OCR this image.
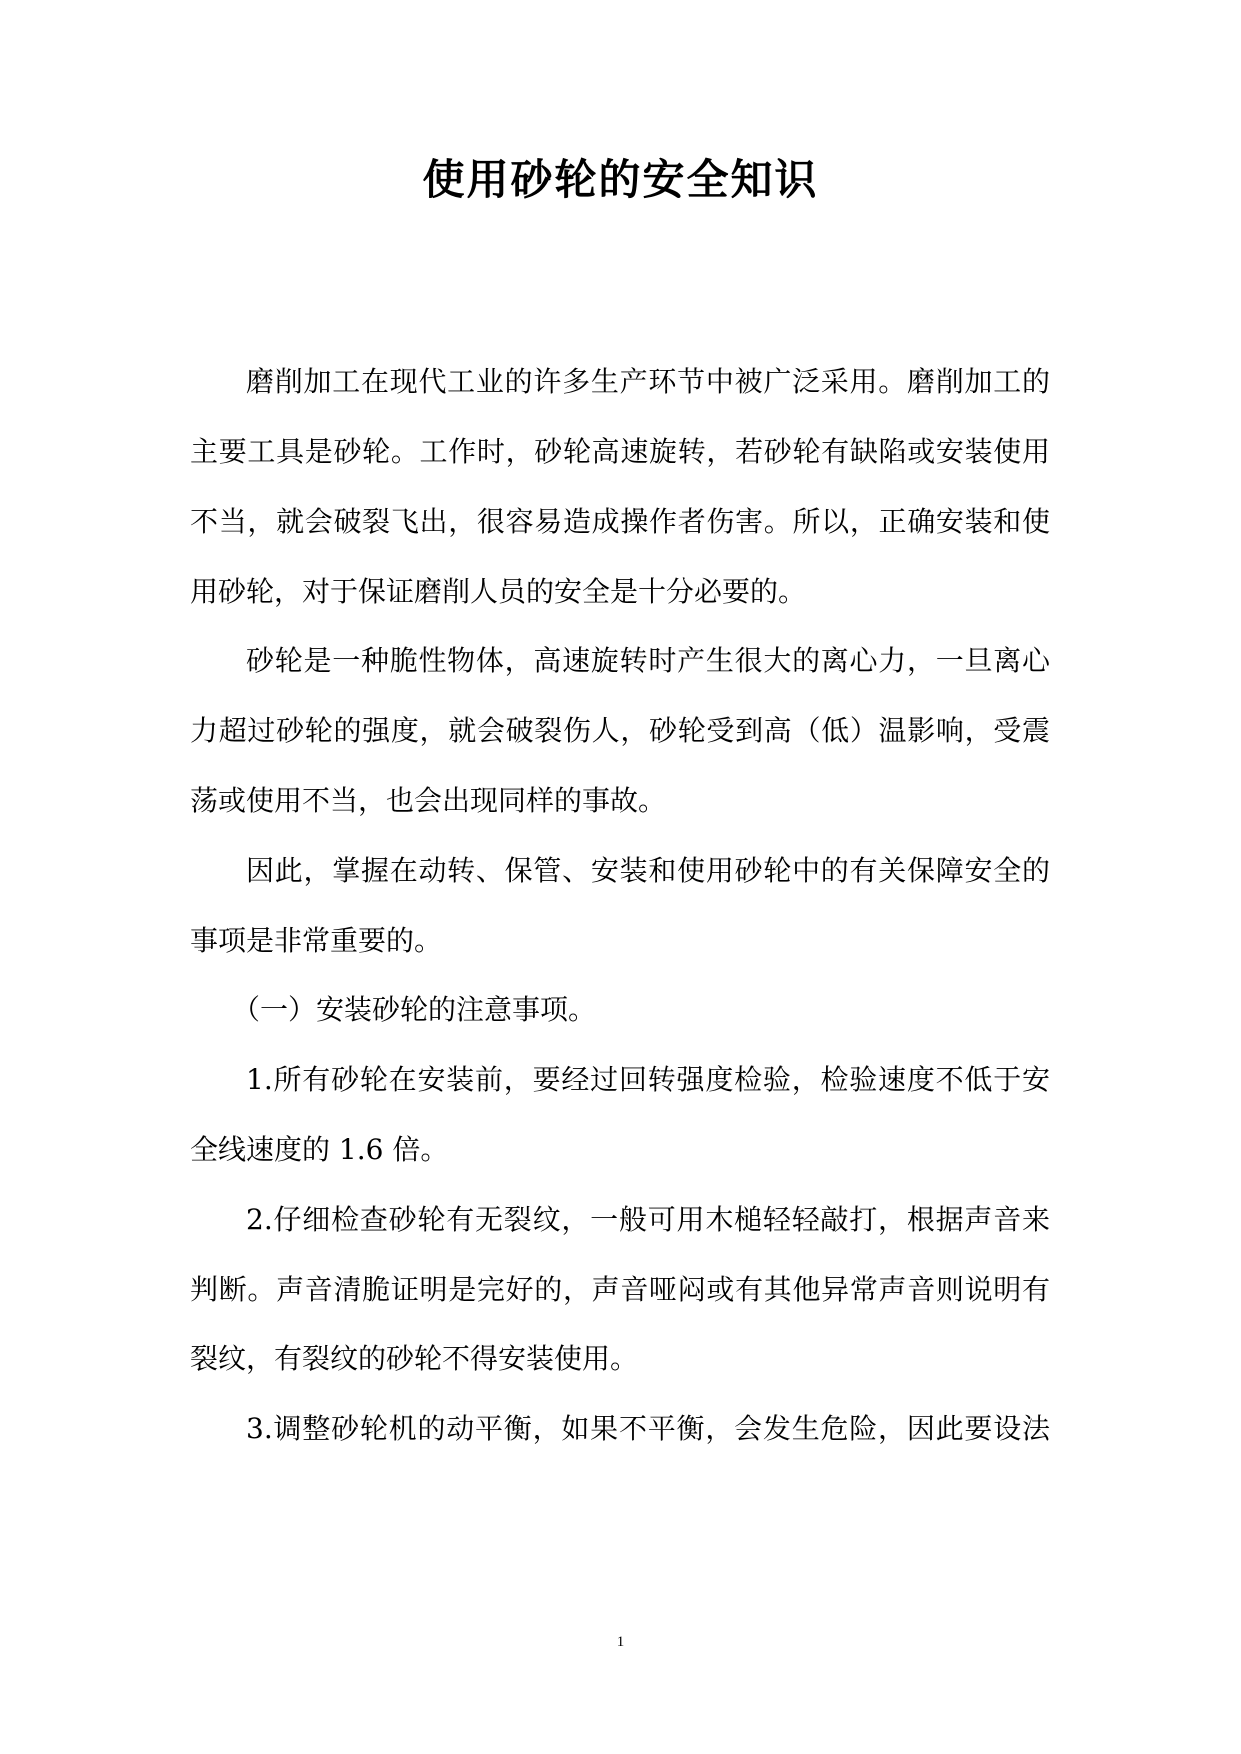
使用砂轮的安全知识
磨削加工在现代工业的许多生产环节中被广泛采用。磨削加工的
主要工具是砂轮。工作时，砂轮高速旋转，若砂轮有缺陷或安装使用
不当，就会破裂飞出，很容易造成操作者伤害。所以，正确安装和使
用砂轮，对于保证磨削人员的安全是十分必要的。
砂轮是一种脆性物体，高速旋转时产生很大的离心力，一旦离心
力超过砂轮的强度，就会破裂伤人，砂轮受到高（低）温影响，受震
荡或使用不当，也会出现同样的事故。
因此，掌握在动转、保管、安装和使用砂轮中的有关保障安全的
事项是非常重要的。
（一）安装砂轮的注意事项。
1.所有砂轮在安装前，要经过回转强度检验，检验速度不低于安
全线速度的 1.6 倍。
2.仔细检查砂轮有无裂纹，一般可用木槌轻轻敲打，根据声音来
判断。声音清脆证明是完好的，声音哑闷或有其他异常声音则说明有
裂纹，有裂纹的砂轮不得安装使用。
3.调整砂轮机的动平衡，如果不平衡，会发生危险，因此要设法
1
